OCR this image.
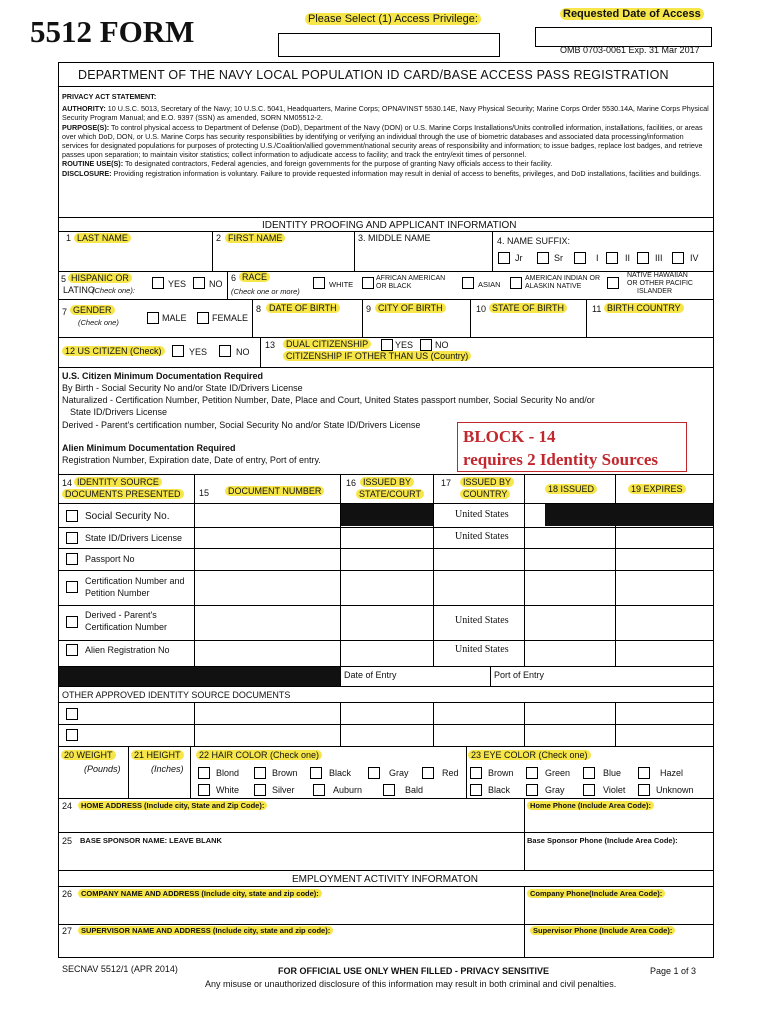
5512 FORM	Please Select (1) Access Privilege:	Requested Date of Access
OMB 0703-0061 Exp. 31 Mar 2017
DEPARTMENT OF THE NAVY LOCAL POPULATION ID CARD/BASE ACCESS PASS REGISTRATION
PRIVACY ACT STATEMENT:
AUTHORITY: 10 U.S.C. 5013, Secretary of the Navy; 10 U.S.C. 5041, Headquarters, Marine Corps; OPNAVINST 5530.14E, Navy Physical Security; Marine Corps Order 5530.14A, Marine Corps Physical Security Program Manual; and E.O. 9397 (SSN) as amended, SORN NM05512-2.
PURPOSE(S): To control physical access to Department of Defense (DoD), Department of the Navy (DON) or U.S. Marine Corps Installations/Units controlled information, installations, facilities, or areas over which DoD, DON, or U.S. Marine Corps has security responsibilities by identifying or verifying an individual through the use of biometric databases and associated data processing/information services for designated populations for purposes of protecting U.S./Coalition/allied government/national security areas of responsibility and information; to issue badges, replace lost badges, and retrieve passes upon separation; to maintain visitor statistics; collect information to adjudicate access to facility; and track the entry/exit times of personnel.
ROUTINE USE(S): To designated contractors, Federal agencies, and foreign governments for the purpose of granting Navy officials access to their facility.
DISCLOSURE: Providing registration information is voluntary. Failure to provide requested information may result in denial of access to benefits, privileges, and DoD installations, facilities and buildings.
IDENTITY PROOFING AND APPLICANT INFORMATION
1 LAST NAME	2 FIRST NAME	3. MIDDLE NAME	4. NAME SUFFIX:
Jr	Sr	I	II	III	IV
5 HISPANIC OR
LATINO
(Check one):
YES	NO
6 RACE
(Check one or more)
WHITE
AFRICAN AMERICAN
OR BLACK	ASIAN
AMERICAN INDIAN OR
ALASKIN NATIVE
NATIVE HAWAIIAN
OR OTHER PACIFIC
ISLANDER
7 GENDER
(Check one)	MALE	FEMALE
8 DATE OF BIRTH	9 CITY OF BIRTH	10 STATE OF BIRTH	11 BIRTH COUNTRY
12 US CITIZEN (Check)	YES	NO
13	DUAL CITIZENSHIP	YES NO
CITIZENSHIP IF OTHER THAN US (Country)
U.S. Citizen Minimum Documentation Required
By Birth - Social Security No and/or State ID/Drivers License
Naturalized - Certification Number, Petition Number, Date, Place and Court, United States passport number, Social Security No and/or
State ID/Drivers License
Derived - Parent's certification number, Social Security No and/or State ID/Drivers License
Alien Minimum Documentation Required
Registration Number, Expiration date, Date of entry, Port of entry.
BLOCK - 14
requires 2 Identity Sources
14 IDENTITY SOURCE
DOCUMENTS PRESENTED	15	DOCUMENT NUMBER
16 ISSUED BY
STATE/COURT
17	ISSUED BY
COUNTRY	18 ISSUED	19 EXPIRES
Social Security No.	United States
State ID/Drivers License	United States
Passport No
Certification Number and
Petition Number
Derived - Parent's
Certification Number
United States
Alien Registration No	United States
Date of Entry	Port of Entry
OTHER APPROVED IDENTITY SOURCE DOCUMENTS
20 WEIGHT
(Pounds)
21 HEIGHT
(Inches)
22 HAIR COLOR (Check one)	23 EYE COLOR (Check one)
Blond	Brown	Black	Gray	Red
White	Silver	Auburn	Bald
Brown	Green	Blue	Hazel
Black	Gray	Violet	Unknown
24	HOME ADDRESS (Include city, State and Zip Code):	Home Phone (Include Area Code):
25 BASE SPONSOR NAME: LEAVE BLANK	Base Sponsor Phone (Include Area Code):
EMPLOYMENT ACTIVITY INFORMATON
26	COMPANY NAME AND ADDRESS (Include city, state and zip code):	Company Phone(Include Area Code):
27	SUPERVISOR NAME AND ADDRESS (Include city, state and zip code):	Supervisor Phone (Include Area Code):
SECNAV 5512/1 (APR 2014)	FOR OFFICIAL USE ONLY WHEN FILLED - PRIVACY SENSITIVE
Any misuse or unauthorized disclosure of this information may result in both criminal and civil penalties.
Page 1 of 3
